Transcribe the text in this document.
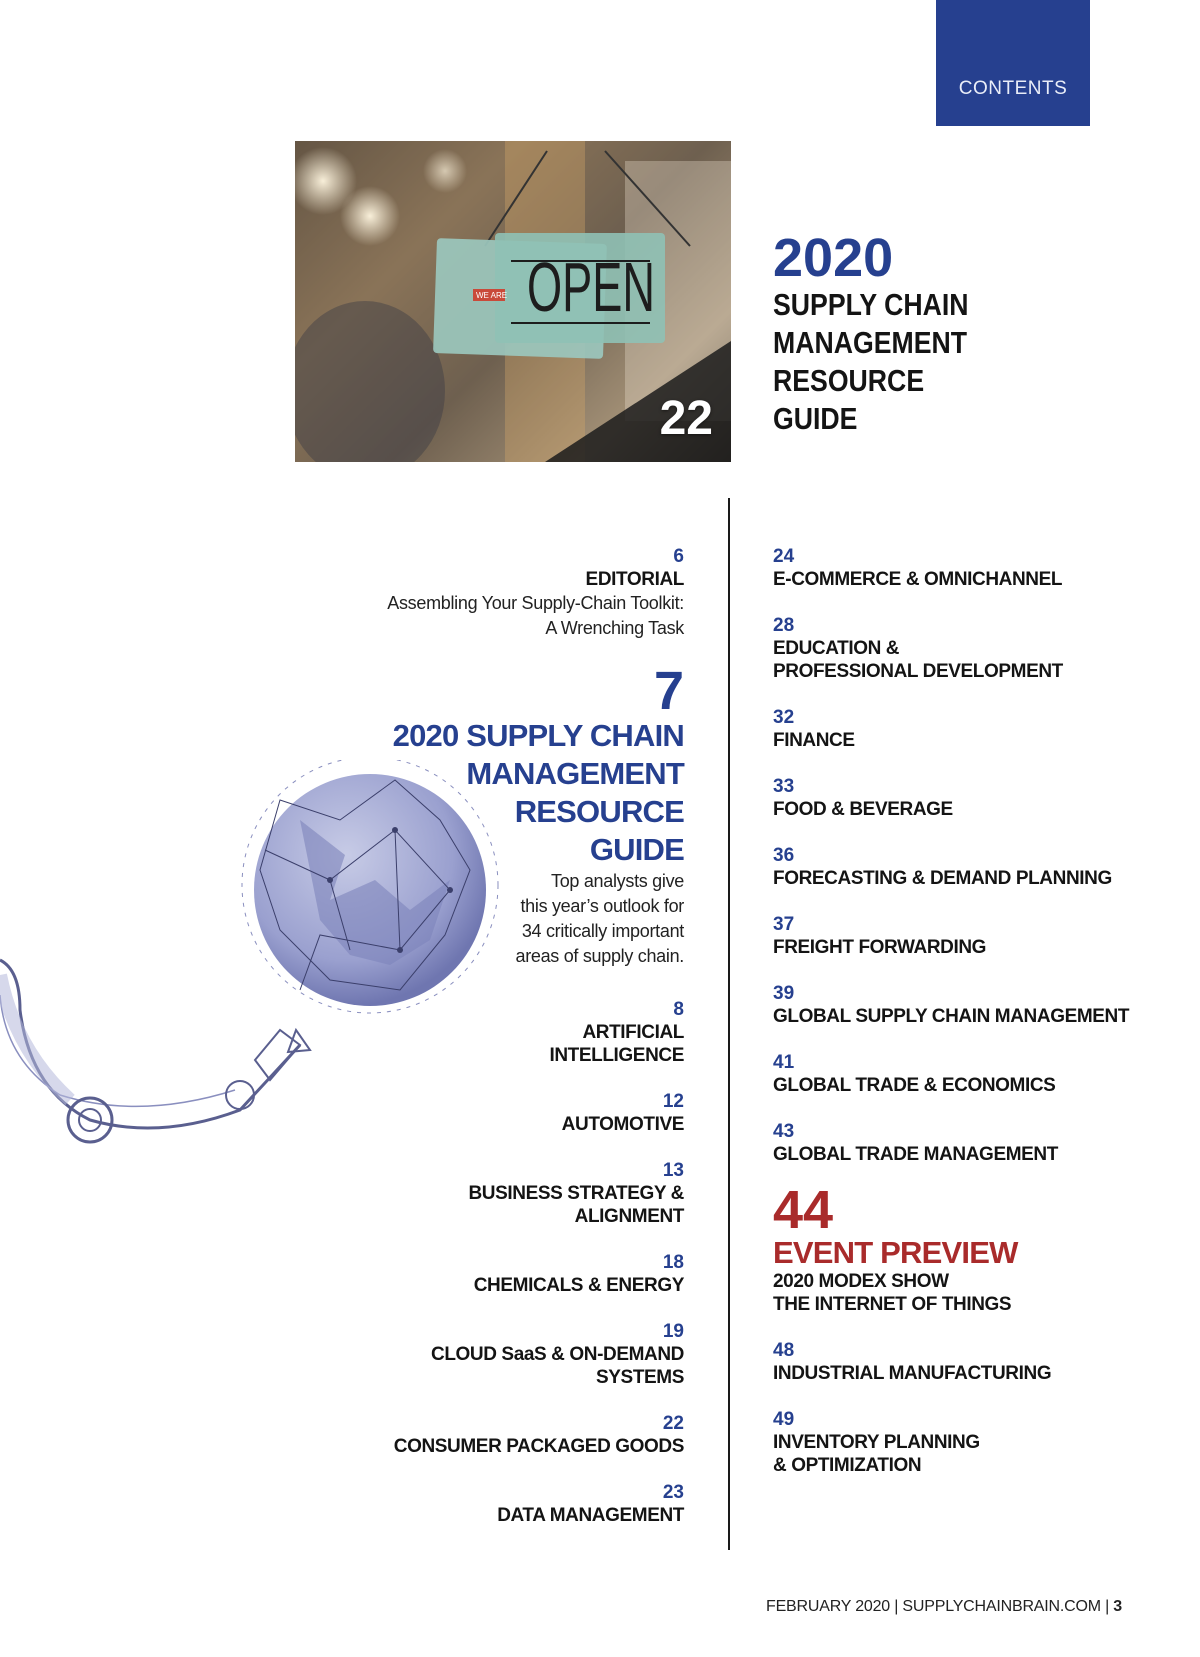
CONTENTS
OPEN
WE ARE
22
2020
SUPPLY CHAIN
MANAGEMENT
RESOURCE
GUIDE
6
EDITORIAL
Assembling Your Supply-Chain Toolkit:
A Wrenching Task
7
2020 SUPPLY CHAIN
MANAGEMENT
RESOURCE
GUIDE
Top analysts give
this year’s outlook for
34 critically important
areas of supply chain.
8
ARTIFICIAL
INTELLIGENCE
12
AUTOMOTIVE
13
BUSINESS STRATEGY & ALIGNMENT
18
CHEMICALS & ENERGY
19
CLOUD SaaS & ON-DEMAND SYSTEMS
22
CONSUMER PACKAGED GOODS
23
DATA MANAGEMENT
24
E-COMMERCE & OMNICHANNEL
28
EDUCATION &
PROFESSIONAL DEVELOPMENT
32
FINANCE
33
FOOD & BEVERAGE
36
FORECASTING & DEMAND PLANNING
37
FREIGHT FORWARDING
39
GLOBAL SUPPLY CHAIN MANAGEMENT
41
GLOBAL TRADE & ECONOMICS
43
GLOBAL TRADE MANAGEMENT
44
EVENT PREVIEW
2020 MODEX SHOW
THE INTERNET OF THINGS
48
INDUSTRIAL MANUFACTURING
49
INVENTORY PLANNING
& OPTIMIZATION
FEBRUARY 2020 | SUPPLYCHAINBRAIN.COM | 3
